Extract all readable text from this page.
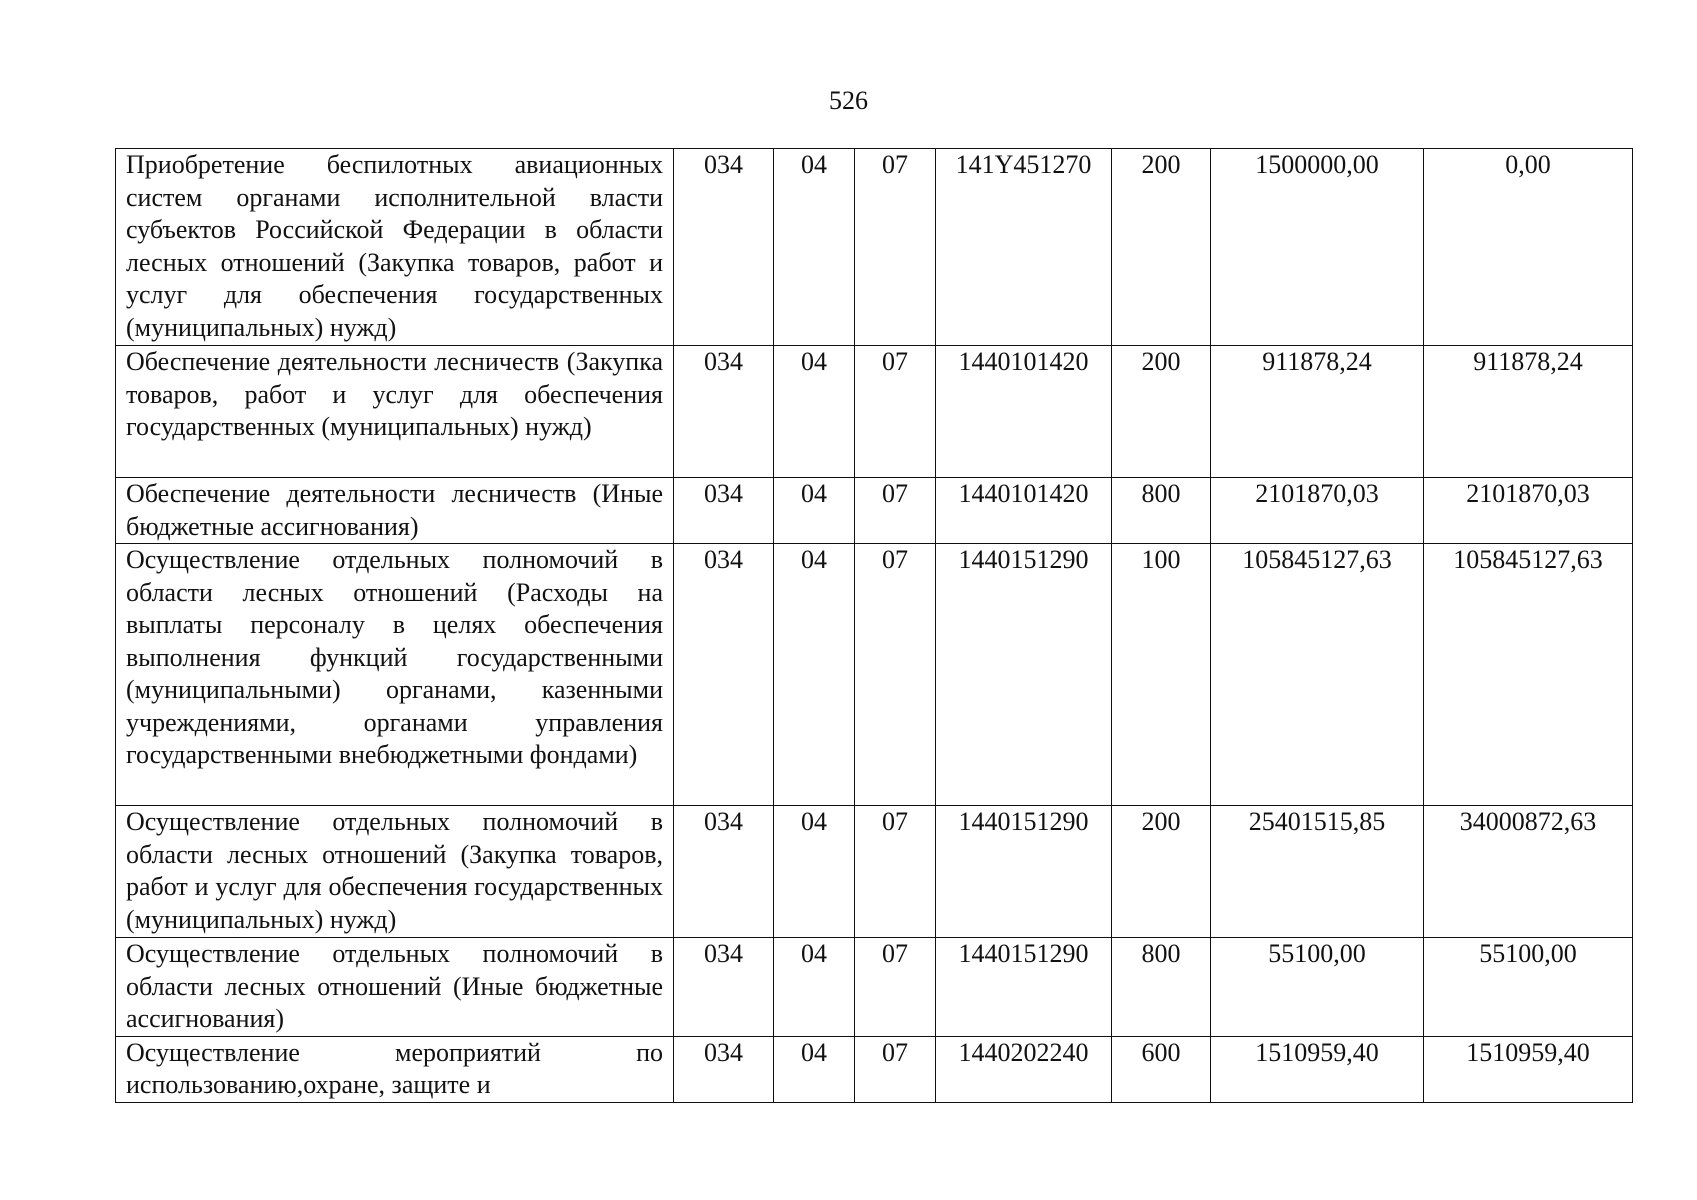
526
Приобретение беспилотных авиационных систем органами исполнительной власти субъектов Российской Федерации в области лесных отношений (Закупка товаров, работ и услуг для обеспечения государственных (муниципальных) нужд)	034	04	07	141Y451270	200	1500000,00	0,00
Обеспечение деятельности лесничеств (Закупка товаров, работ и услуг для обеспечения государственных (муниципальных) нужд)	034	04	07	1440101420	200	911878,24	911878,24
Обеспечение деятельности лесничеств (Иные бюджетные ассигнования)	034	04	07	1440101420	800	2101870,03	2101870,03
Осуществление отдельных полномочий в области лесных отношений (Расходы на выплаты персоналу в целях обеспечения выполнения функций государственными (муниципальными) органами, казенными учреждениями, органами управления государственными внебюджетными фондами)	034	04	07	1440151290	100	105845127,63	105845127,63
Осуществление отдельных полномочий в области лесных отношений (Закупка товаров, работ и услуг для обеспечения государственных (муниципальных) нужд)	034	04	07	1440151290	200	25401515,85	34000872,63
Осуществление отдельных полномочий в области лесных отношений (Иные бюджетные ассигнования)	034	04	07	1440151290	800	55100,00	55100,00

Осуществление мероприятий по использованию,охране, защите и	034	04	07	1440202240	600	1510959,40	1510959,40
